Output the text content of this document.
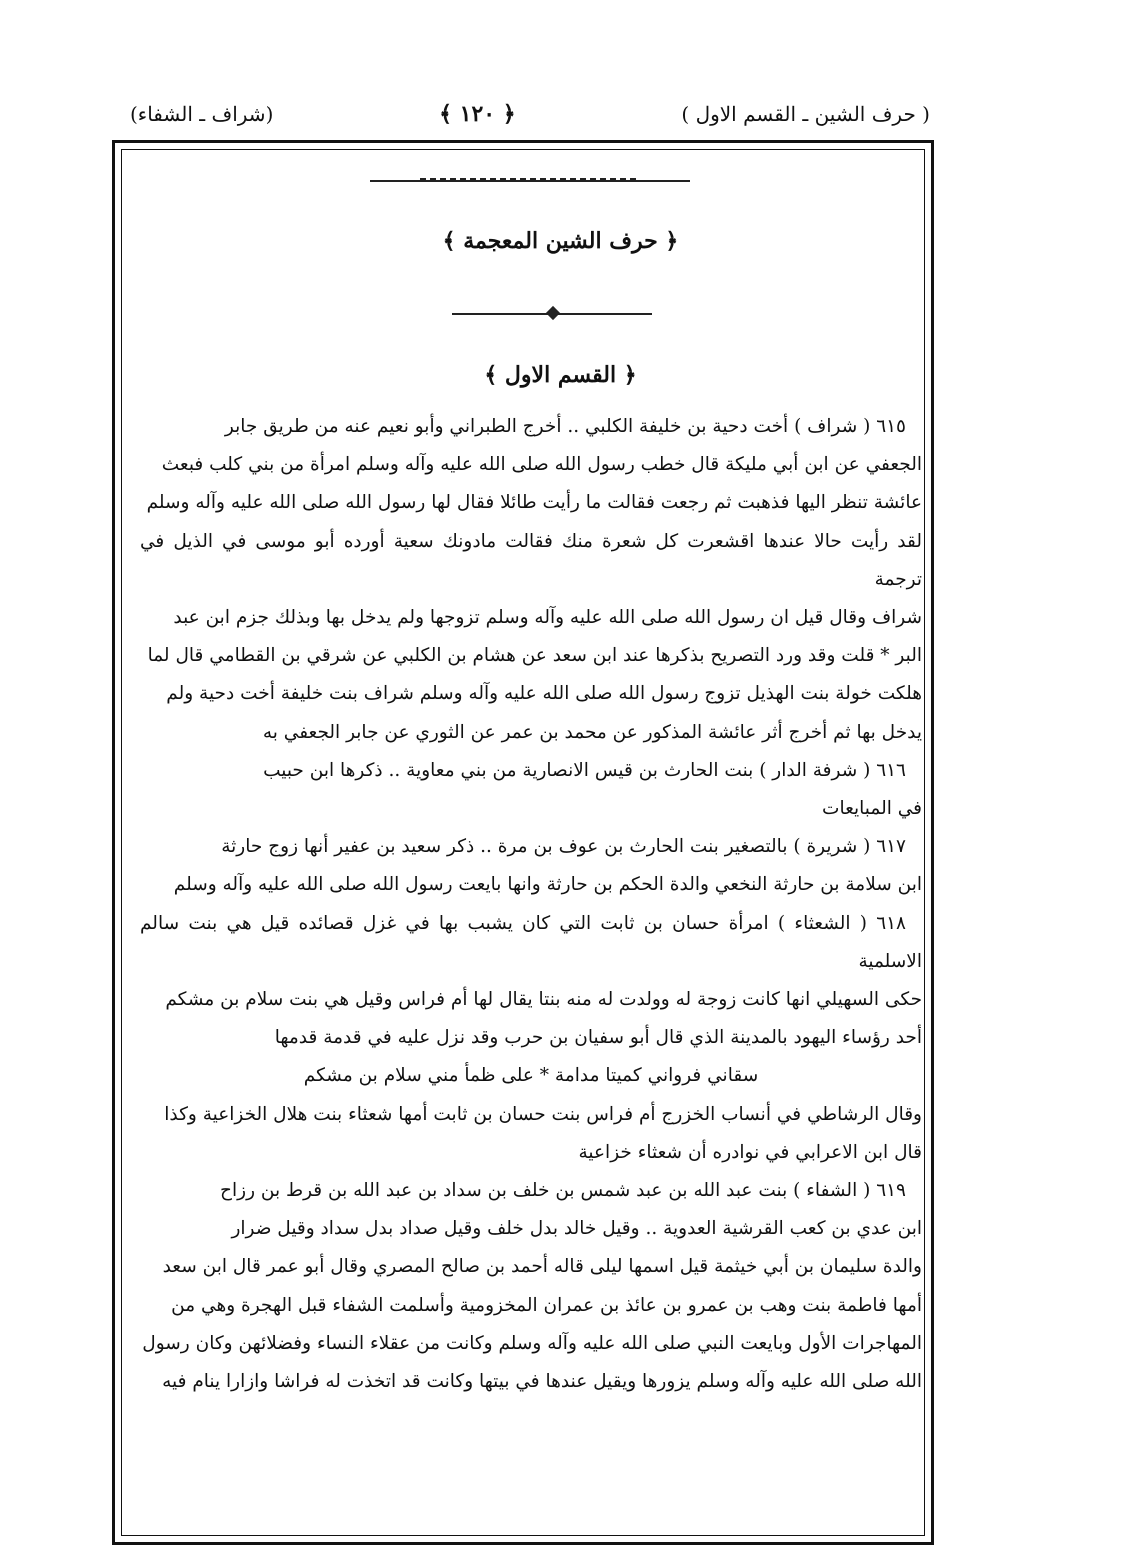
( حرف الشين ـ القسم الاول )
﴿ ١٢٠ ﴾
(شراف ـ الشفاء)
﴿ حرف الشين المعجمة ﴾
﴿ القسم الاول ﴾

٦١٥ ( شراف ) أخت دحية بن خليفة الكلبي .. أخرج الطبراني وأبو نعيم عنه من طريق جابر

الجعفي عن ابن أبي مليكة قال خطب رسول الله صلى الله عليه وآله وسلم امرأة من بني كلب فبعث

عائشة تنظر اليها فذهبت ثم رجعت فقالت ما رأيت طائلا فقال لها رسول الله صلى الله عليه وآله وسلم

لقد رأيت حالا عندها اقشعرت كل شعرة منك فقالت مادونك سعية أورده أبو موسى في الذيل في ترجمة

شراف وقال قيل ان رسول الله صلى الله عليه وآله وسلم تزوجها ولم يدخل بها وبذلك جزم ابن عبد

البر * قلت وقد ورد التصريح بذكرها عند ابن سعد عن هشام بن الكلبي عن شرقي بن القطامي قال لما

هلكت خولة بنت الهذيل تزوج رسول الله صلى الله عليه وآله وسلم شراف بنت خليفة أخت دحية ولم

يدخل بها ثم أخرج أثر عائشة المذكور عن محمد بن عمر عن الثوري عن جابر الجعفي به

٦١٦ ( شرفة الدار ) بنت الحارث بن قيس الانصارية من بني معاوية .. ذكرها ابن حبيب

في المبايعات

٦١٧ ( شريرة ) بالتصغير بنت الحارث بن عوف بن مرة .. ذكر سعيد بن عفير أنها زوج حارثة

ابن سلامة بن حارثة النخعي والدة الحكم بن حارثة وانها بايعت رسول الله صلى الله عليه وآله وسلم

٦١٨ ( الشعثاء ) امرأة حسان بن ثابت التي كان يشبب بها في غزل قصائده قيل هي بنت سالم الاسلمية

حكى السهيلي انها كانت زوجة له وولدت له منه بنتا يقال لها أم فراس وقيل هي بنت سلام بن مشكم

أحد رؤساء اليهود بالمدينة الذي قال أبو سفيان بن حرب وقد نزل عليه في قدمة قدمها

سقاني فرواني كميتا مدامة * على ظمأ مني سلام بن مشكم

وقال الرشاطي في أنساب الخزرج أم فراس بنت حسان بن ثابت أمها شعثاء بنت هلال الخزاعية وكذا

قال ابن الاعرابي في نوادره أن شعثاء خزاعية

٦١٩ ( الشفاء ) بنت عبد الله بن عبد شمس بن خلف بن سداد بن عبد الله بن قرط بن رزاح

ابن عدي بن كعب القرشية العدوية .. وقيل خالد بدل خلف وقيل صداد بدل سداد وقيل ضرار

والدة سليمان بن أبي خيثمة قيل اسمها ليلى قاله أحمد بن صالح المصري وقال أبو عمر قال ابن سعد

أمها فاطمة بنت وهب بن عمرو بن عائذ بن عمران المخزومية وأسلمت الشفاء قبل الهجرة وهي من

المهاجرات الأول وبايعت النبي صلى الله عليه وآله وسلم وكانت من عقلاء النساء وفضلائهن وكان رسول

الله صلى الله عليه وآله وسلم يزورها ويقيل عندها في بيتها وكانت قد اتخذت له فراشا وازارا ينام فيه
